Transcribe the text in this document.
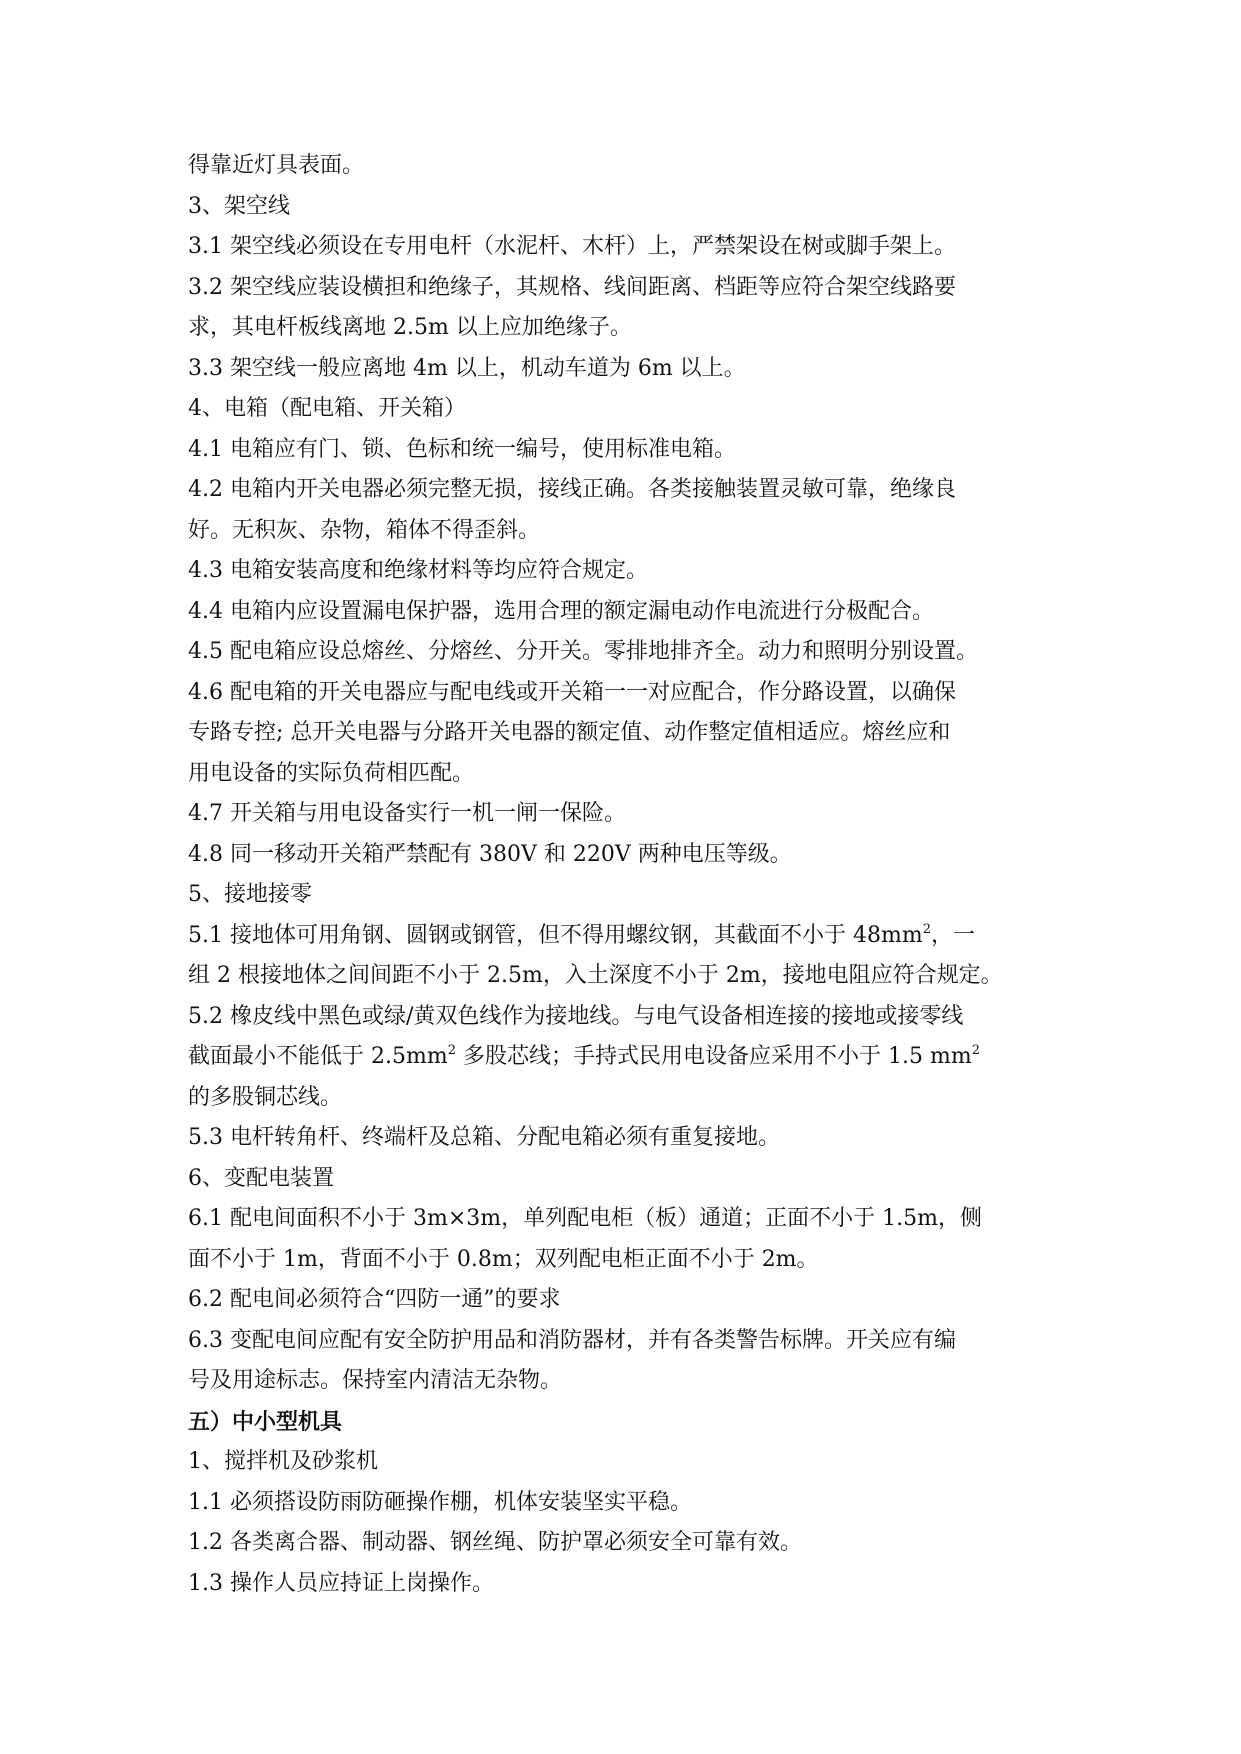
得靠近灯具表面。
3、架空线
3.1 架空线必须设在专用电杆（水泥杆、木杆）上，严禁架设在树或脚手架上。
3.2 架空线应装设横担和绝缘子，其规格、线间距离、档距等应符合架空线路要
求，其电杆板线离地 2.5m 以上应加绝缘子。
3.3 架空线一般应离地 4m 以上，机动车道为 6m 以上。
4、电箱（配电箱、开关箱）
4.1 电箱应有门、锁、色标和统一编号，使用标准电箱。
4.2 电箱内开关电器必须完整无损，接线正确。各类接触装置灵敏可靠，绝缘良
好。无积灰、杂物，箱体不得歪斜。
4.3 电箱安装高度和绝缘材料等均应符合规定。
4.4 电箱内应设置漏电保护器，选用合理的额定漏电动作电流进行分极配合。
4.5 配电箱应设总熔丝、分熔丝、分开关。零排地排齐全。动力和照明分别设置。
4.6 配电箱的开关电器应与配电线或开关箱一一对应配合，作分路设置，以确保
专路专控; 总开关电器与分路开关电器的额定值、动作整定值相适应。熔丝应和
用电设备的实际负荷相匹配。
4.7 开关箱与用电设备实行一机一闸一保险。
4.8 同一移动开关箱严禁配有 380V 和 220V 两种电压等级。
5、接地接零
5.1 接地体可用角钢、圆钢或钢管，但不得用螺纹钢，其截面不小于 $48mm^2$，一
组 2 根接地体之间间距不小于 2.5m，入土深度不小于 2m，接地电阻应符合规定。
5.2 橡皮线中黑色或绿/黄双色线作为接地线。与电气设备相连接的接地或接零线
截面最小不能低于 $2.5mm^2$ 多股芯线；手持式民用电设备应采用不小于 1.5 $mm^2$
的多股铜芯线。
5.3 电杆转角杆、终端杆及总箱、分配电箱必须有重复接地。
6、变配电装置
6.1 配电间面积不小于 3m×3m，单列配电柜（板）通道；正面不小于 1.5m，侧
面不小于 1m，背面不小于 0.8m；双列配电柜正面不小于 2m。
6.2 配电间必须符合“四防一通”的要求
6.3 变配电间应配有安全防护用品和消防器材，并有各类警告标牌。开关应有编
号及用途标志。保持室内清洁无杂物。
五）中小型机具
1、搅拌机及砂浆机
1.1 必须搭设防雨防砸操作棚，机体安装坚实平稳。
1.2 各类离合器、制动器、钢丝绳、防护罩必须安全可靠有效。
1.3 操作人员应持证上岗操作。
